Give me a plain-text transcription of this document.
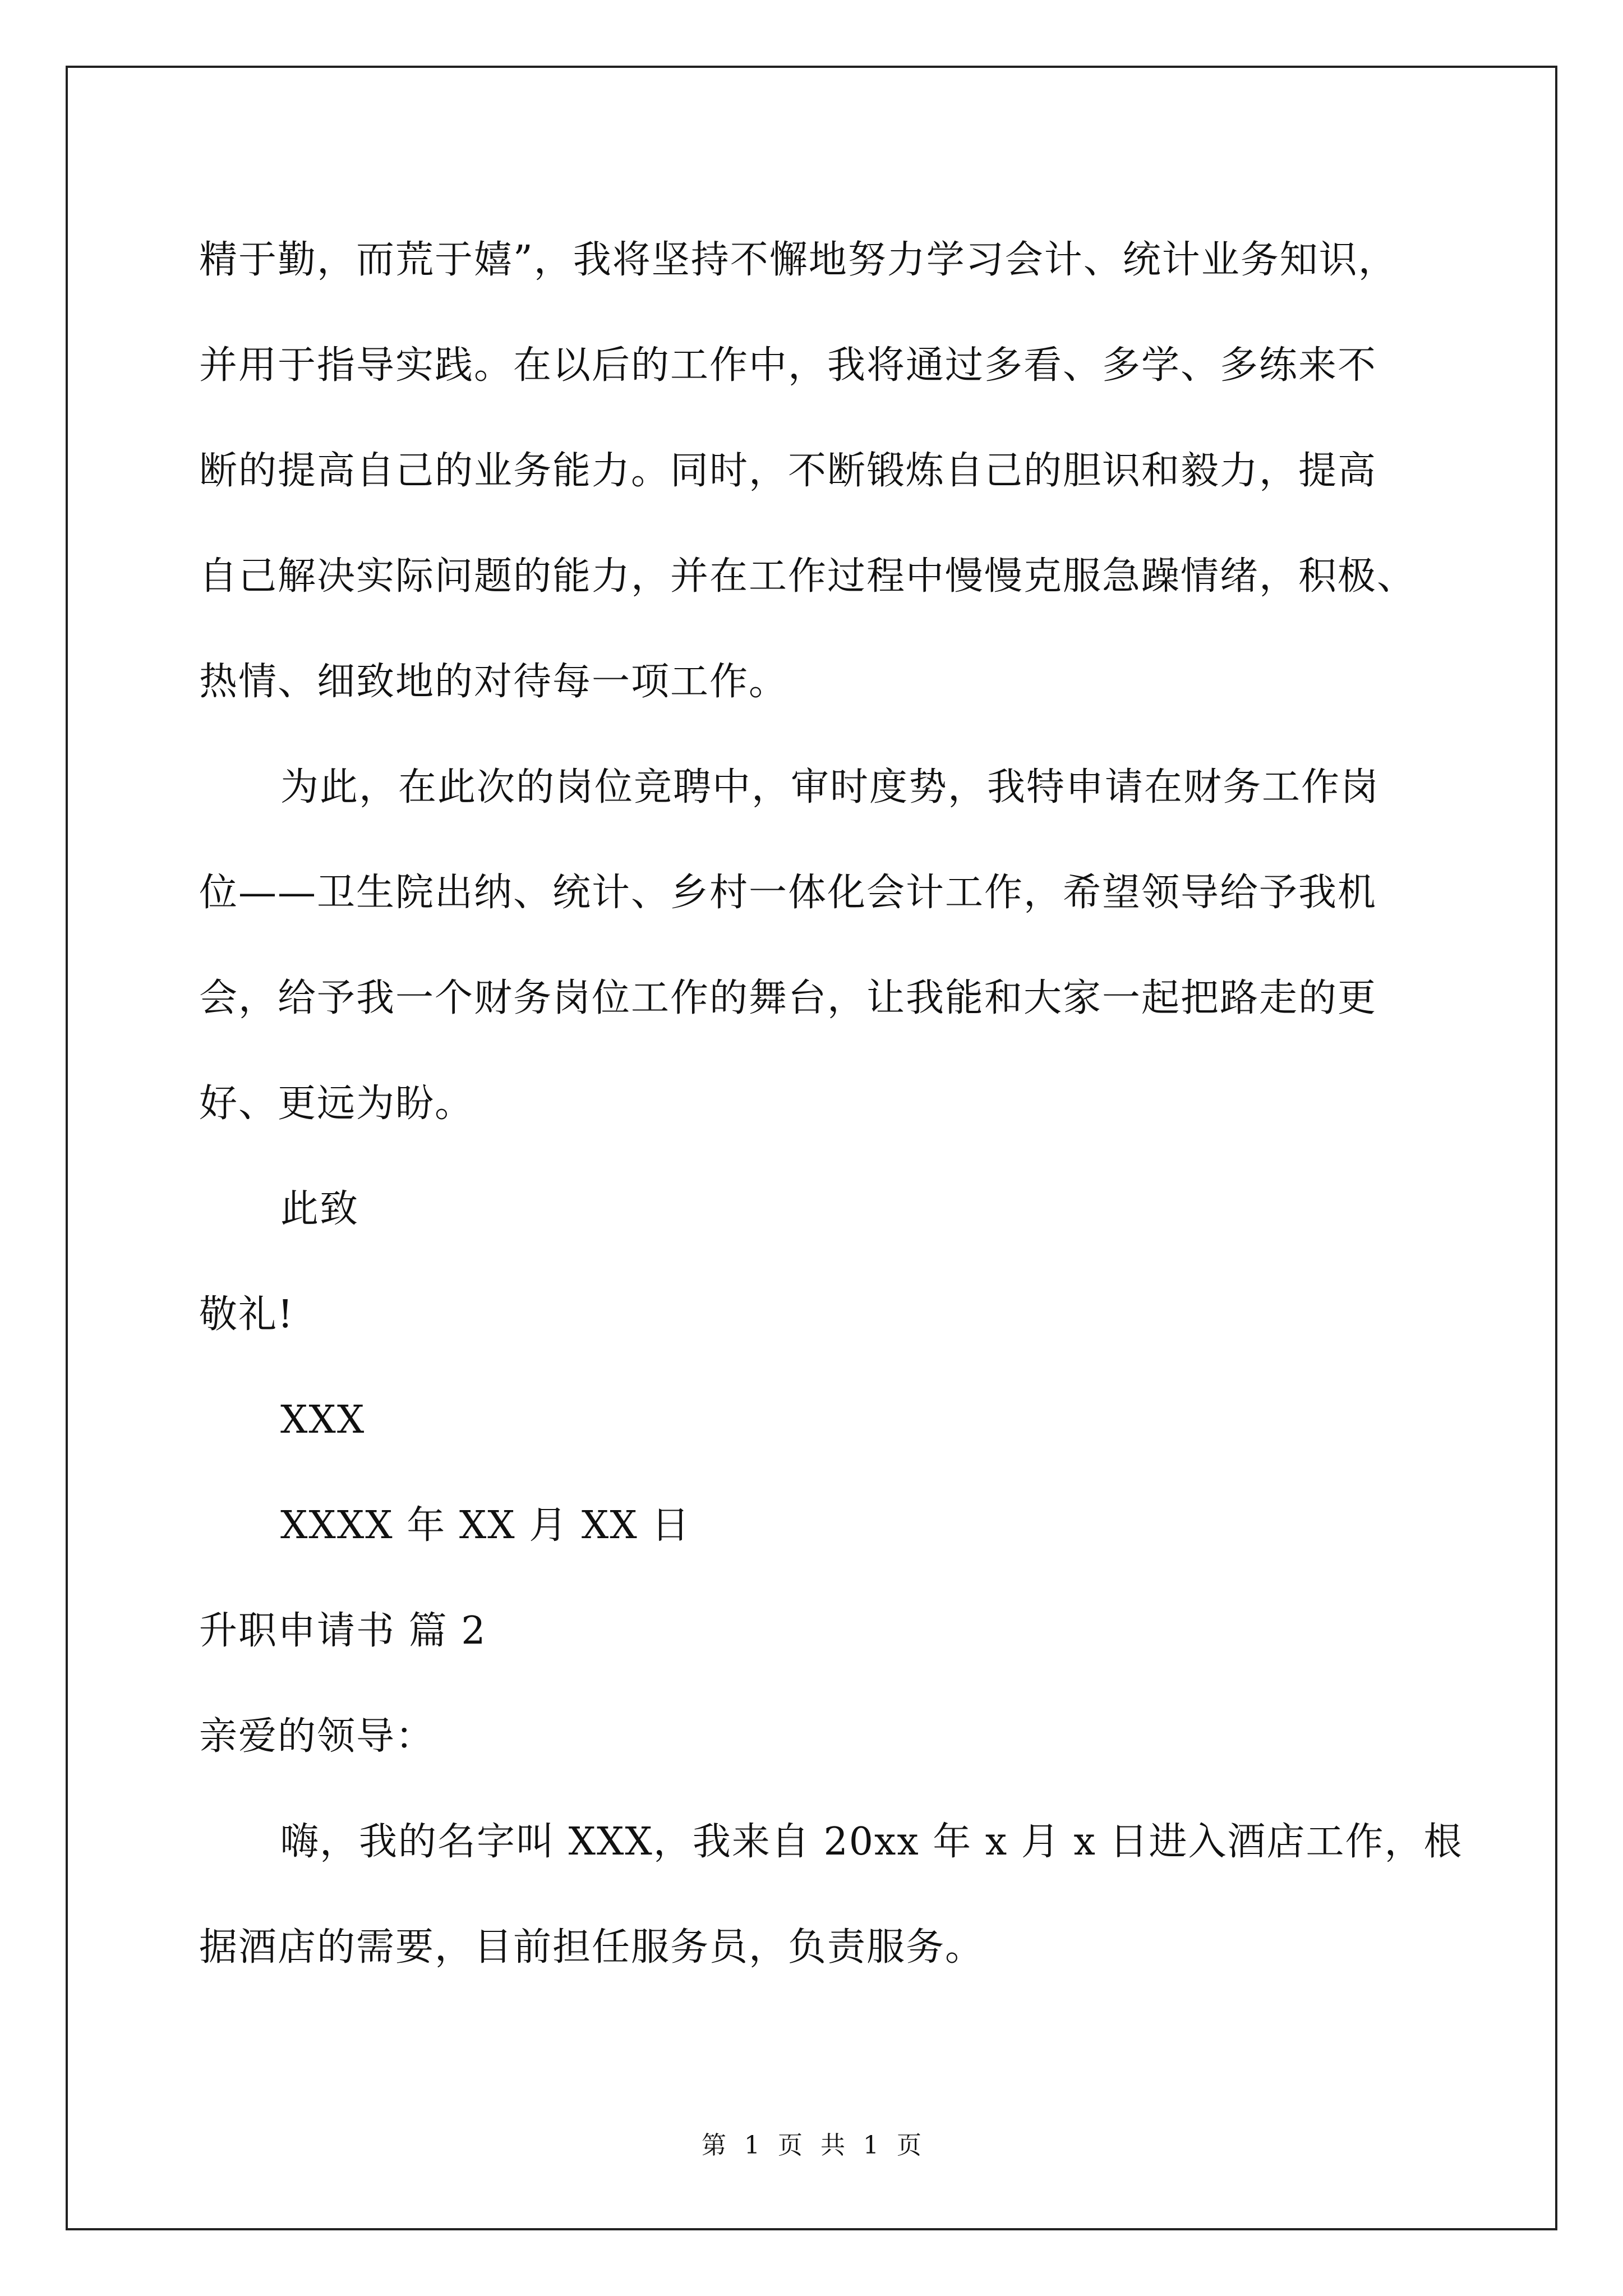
精于勤，而荒于嬉”，我将坚持不懈地努力学习会计、统计业务知识，
并用于指导实践。在以后的工作中，我将通过多看、多学、多练来不
断的提高自己的业务能力。同时，不断锻炼自己的胆识和毅力，提高
自己解决实际问题的能力，并在工作过程中慢慢克服急躁情绪，积极、
热情、细致地的对待每一项工作。
为此，在此次的岗位竞聘中，审时度势，我特申请在财务工作岗
位——卫生院出纳、统计、乡村一体化会计工作，希望领导给予我机
会，给予我一个财务岗位工作的舞台，让我能和大家一起把路走的更
好、更远为盼。
此致
敬礼!
XXX
XXXX 年 XX 月 XX 日
升职申请书 篇 2
亲爱的领导：
嗨，我的名字叫 XXX，我来自 20xx 年 x 月 x 日进入酒店工作，根
据酒店的需要，目前担任服务员，负责服务。
第 1 页 共 1 页
